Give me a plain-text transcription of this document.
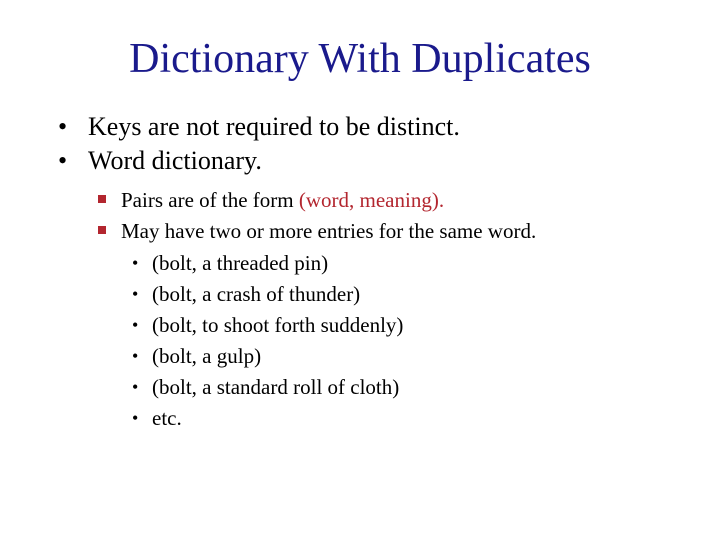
Dictionary With Duplicates
• Keys are not required to be distinct.
• Word dictionary.
Pairs are of the form (word, meaning).
May have two or more entries for the same word.
• (bolt, a threaded pin)
• (bolt, a crash of thunder)
• (bolt, to shoot forth suddenly)
• (bolt, a gulp)
• (bolt, a standard roll of cloth)
• etc.
